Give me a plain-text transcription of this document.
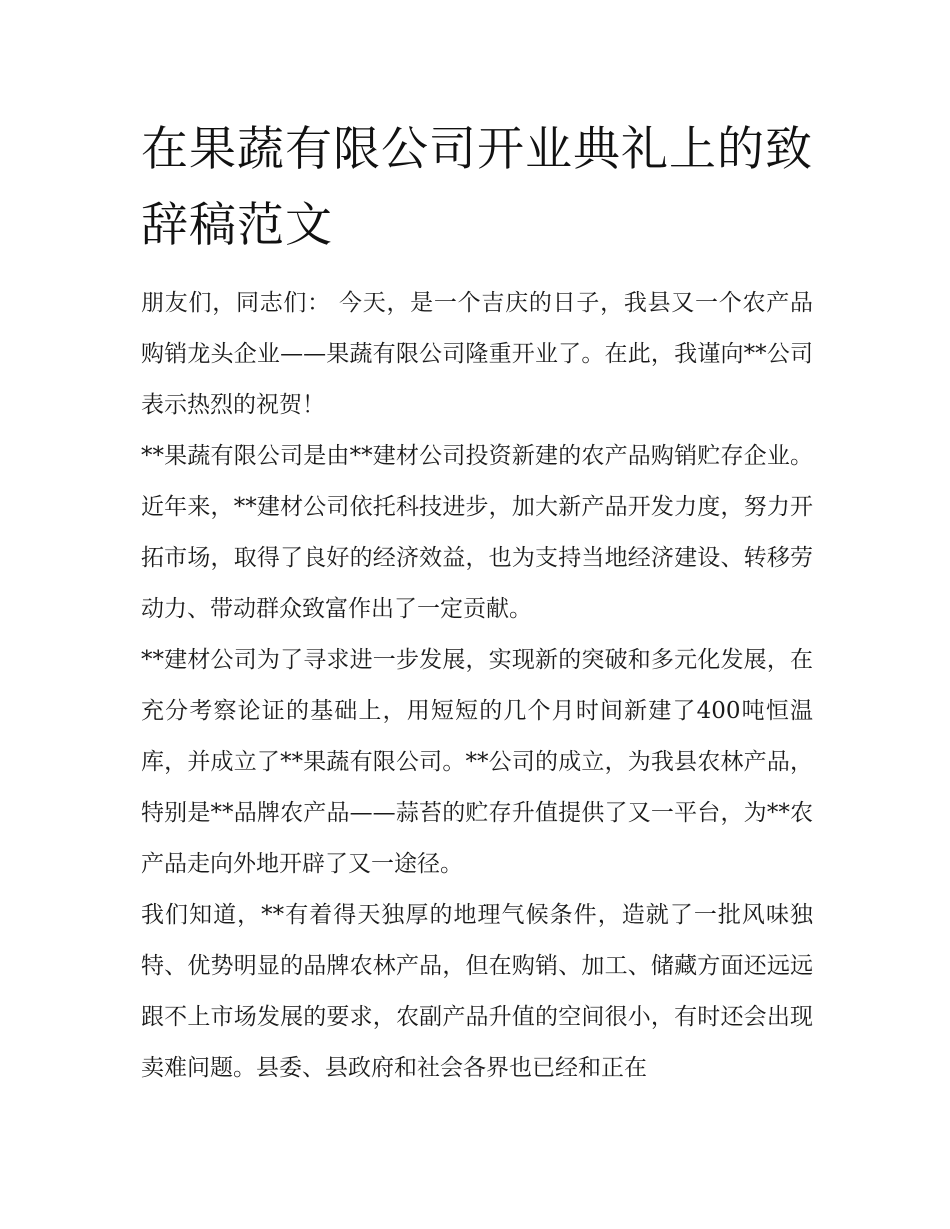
在果蔬有限公司开业典礼上的致辞稿范文

朋友们，同志们： 今天，是一个吉庆的日子，我县又一个农产品购销龙头企业——果蔬有限公司隆重开业了。在此，我谨向**公司表示热烈的祝贺！

**果蔬有限公司是由**建材公司投资新建的农产品购销贮存企业。近年来，**建材公司依托科技进步，加大新产品开发力度，努力开拓市场，取得了良好的经济效益，也为支持当地经济建设、转移劳动力、带动群众致富作出了一定贡献。

**建材公司为了寻求进一步发展，实现新的突破和多元化发展，在充分考察论证的基础上，用短短的几个月时间新建了400吨恒温库，并成立了**果蔬有限公司。**公司的成立，为我县农林产品，特别是**品牌农产品——蒜苔的贮存升值提供了又一平台，为**农产品走向外地开辟了又一途径。

我们知道，**有着得天独厚的地理气候条件，造就了一批风味独特、优势明显的品牌农林产品，但在购销、加工、储藏方面还远远跟不上市场发展的要求，农副产品升值的空间很小，有时还会出现卖难问题。县委、县政府和社会各界也已经和正在
